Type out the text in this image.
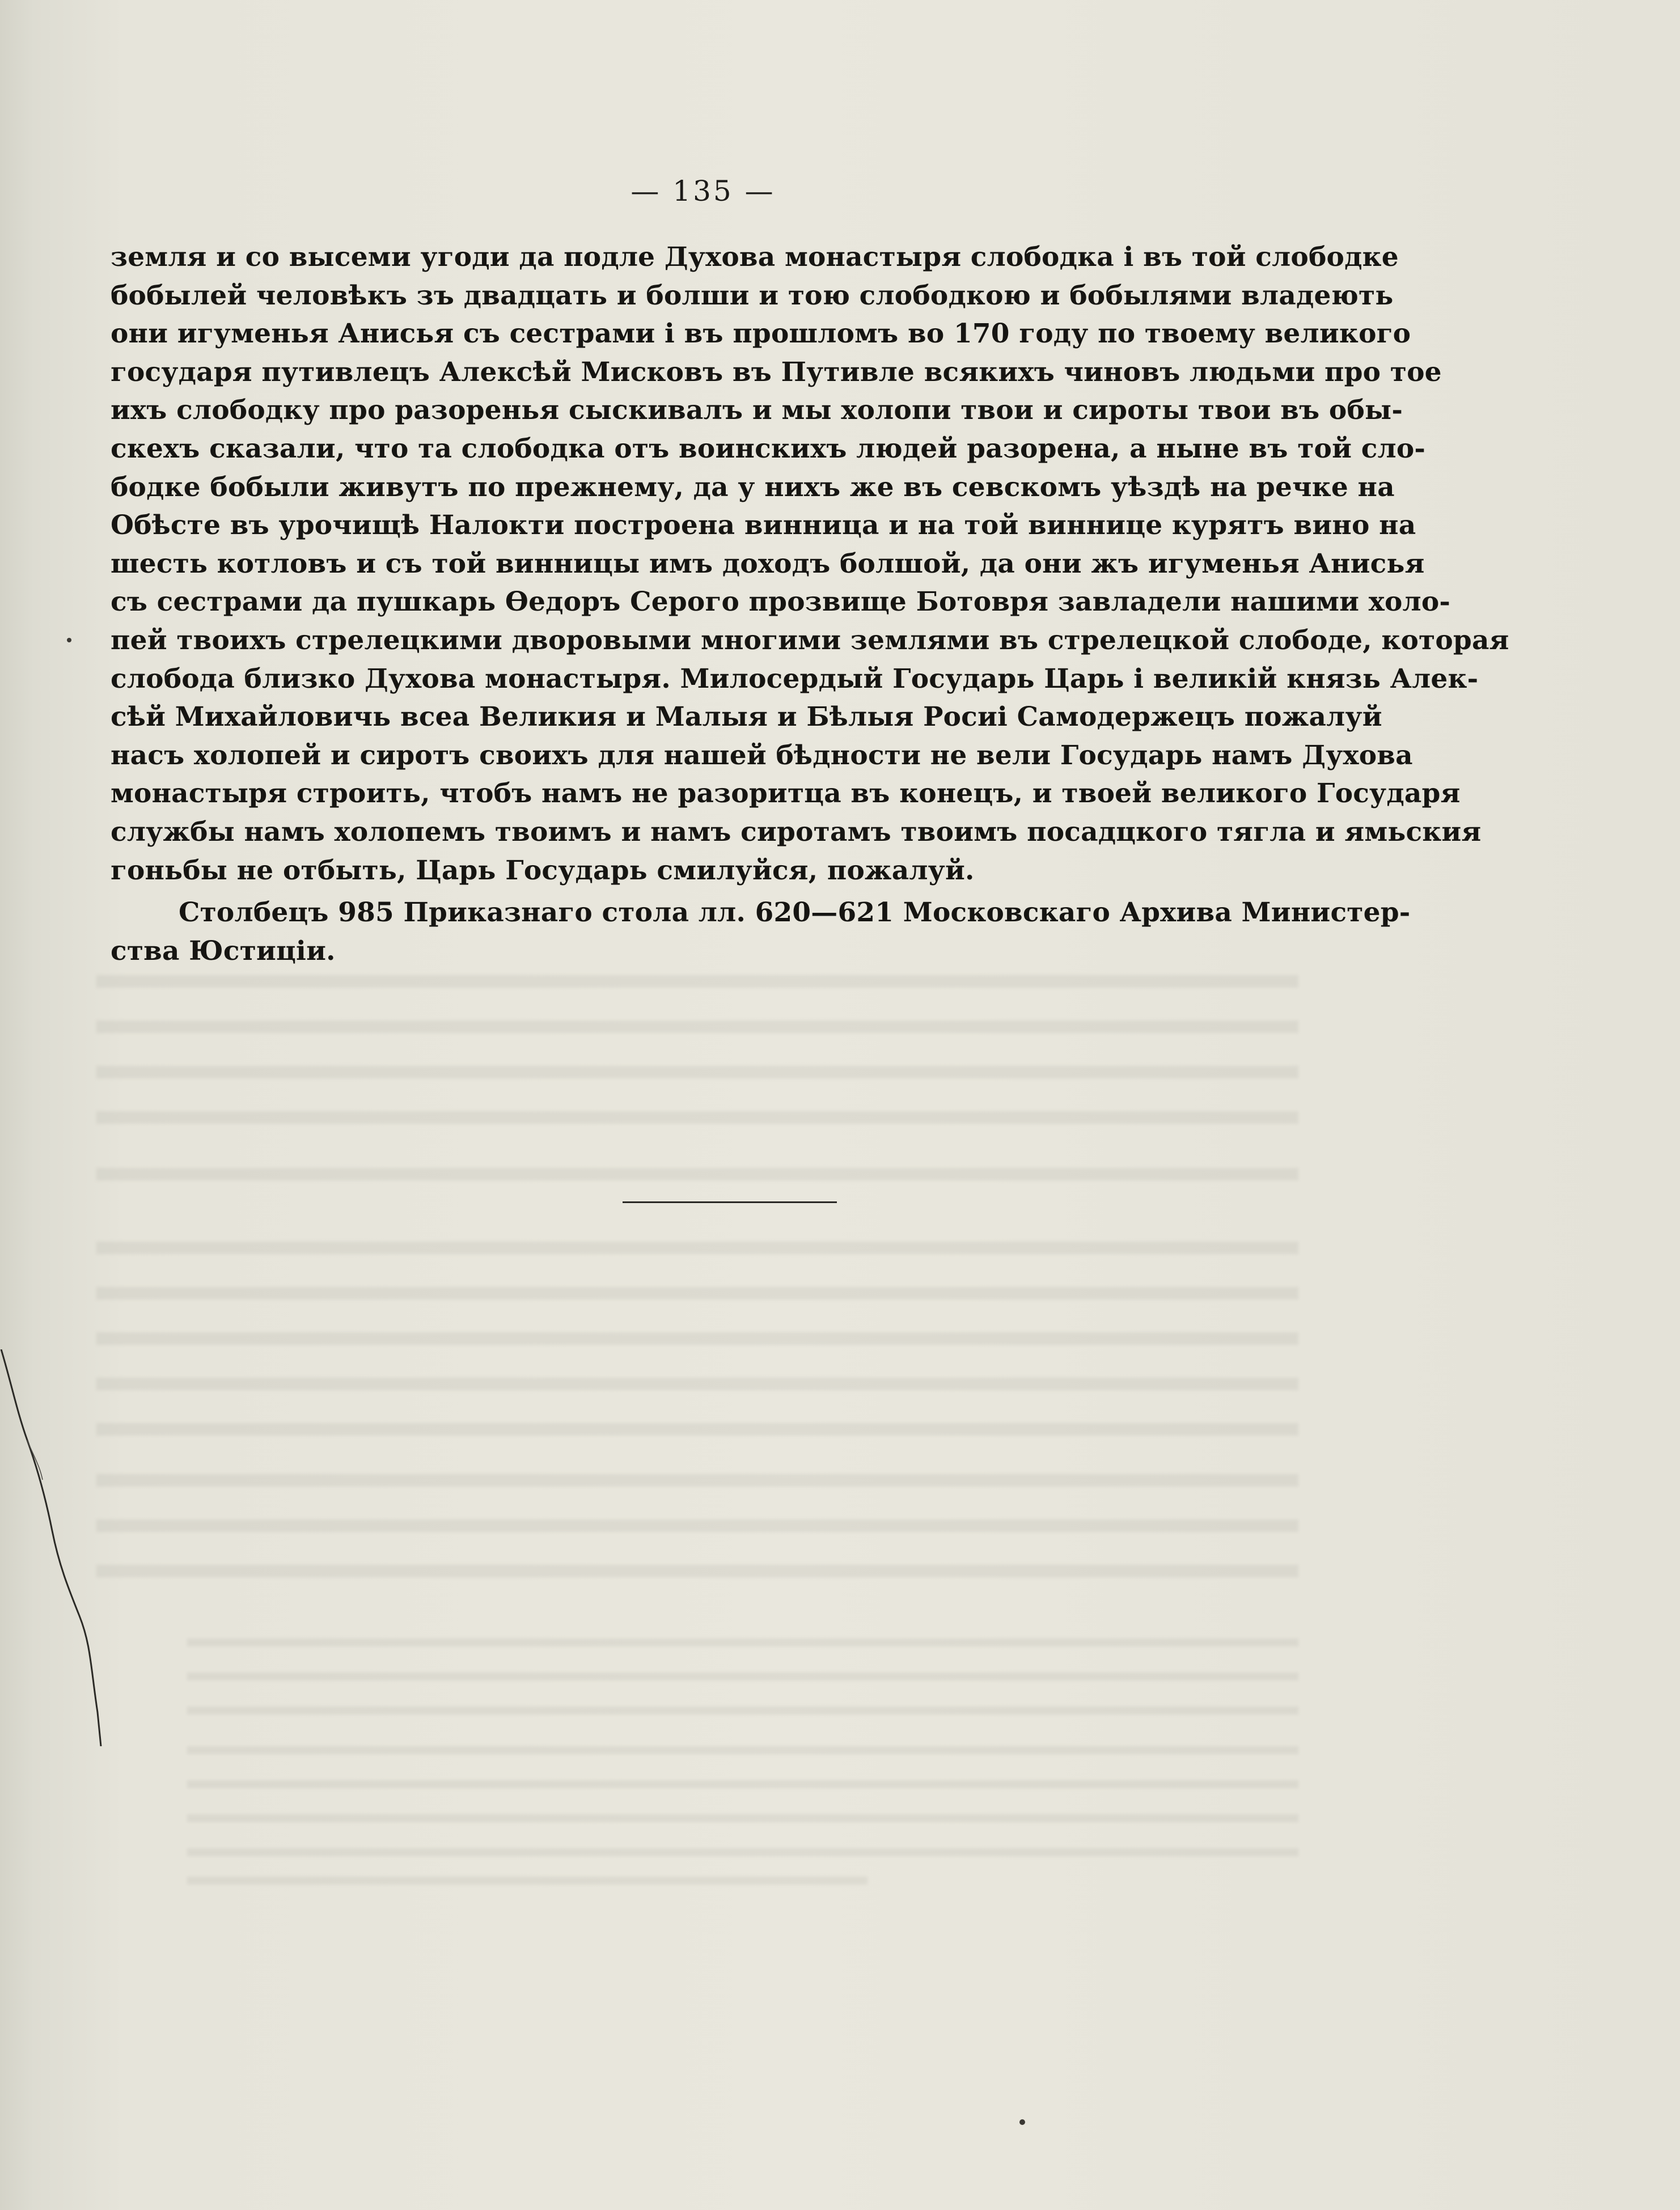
— 135 —
земля и со высеми угоди да подле Духова монастыря слободка і въ той слободке
бобылей человѣкъ зъ двадцать и болши и тою слободкою и бобылями владеють
они игуменья Анисья съ сестрами і въ прошломъ во 170 году по твоему великого
государя путивлецъ Алексѣй Мисковъ въ Путивле всякихъ чиновъ людьми про тое
ихъ слободку про разоренья сыскивалъ и мы холопи твои и сироты твои въ обы-
скехъ сказали, что та слободка отъ воинскихъ людей разорена, а ныне въ той сло-
бодке бобыли живутъ по прежнему, да у нихъ же въ севскомъ уѣздѣ на речке на
Обѣсте въ урочищѣ Налокти построена винница и на той виннице курятъ вино на
шесть котловъ и съ той винницы имъ доходъ болшой, да они жъ игуменья Анисья
съ сестрами да пушкарь Өедоръ Серого прозвище Ботовря завладели нашими холо-
пей твоихъ стрелецкими дворовыми многими землями въ стрелецкой слободе, которая
слобода близко Духова монастыря. Милосердый Государь Царь і великiй князь Алек-
сѣй Михайловичь всеа Великия и Малыя и Бѣлыя Росиі Самодержецъ пожалуй
насъ холопей и сиротъ своихъ для нашей бѣдности не вели Государь намъ Духова
монастыря строить, чтобъ намъ не разоритца въ конецъ, и твоей великого Государя
службы намъ холопемъ твоимъ и намъ сиротамъ твоимъ посадцкого тягла и ямьския
гоньбы не отбыть, Царь Государь смилуйся, пожалуй.
Столбецъ 985 Приказнаго стола лл. 620—621 Московскаго Архива Министер-
ства Юстиціи.
